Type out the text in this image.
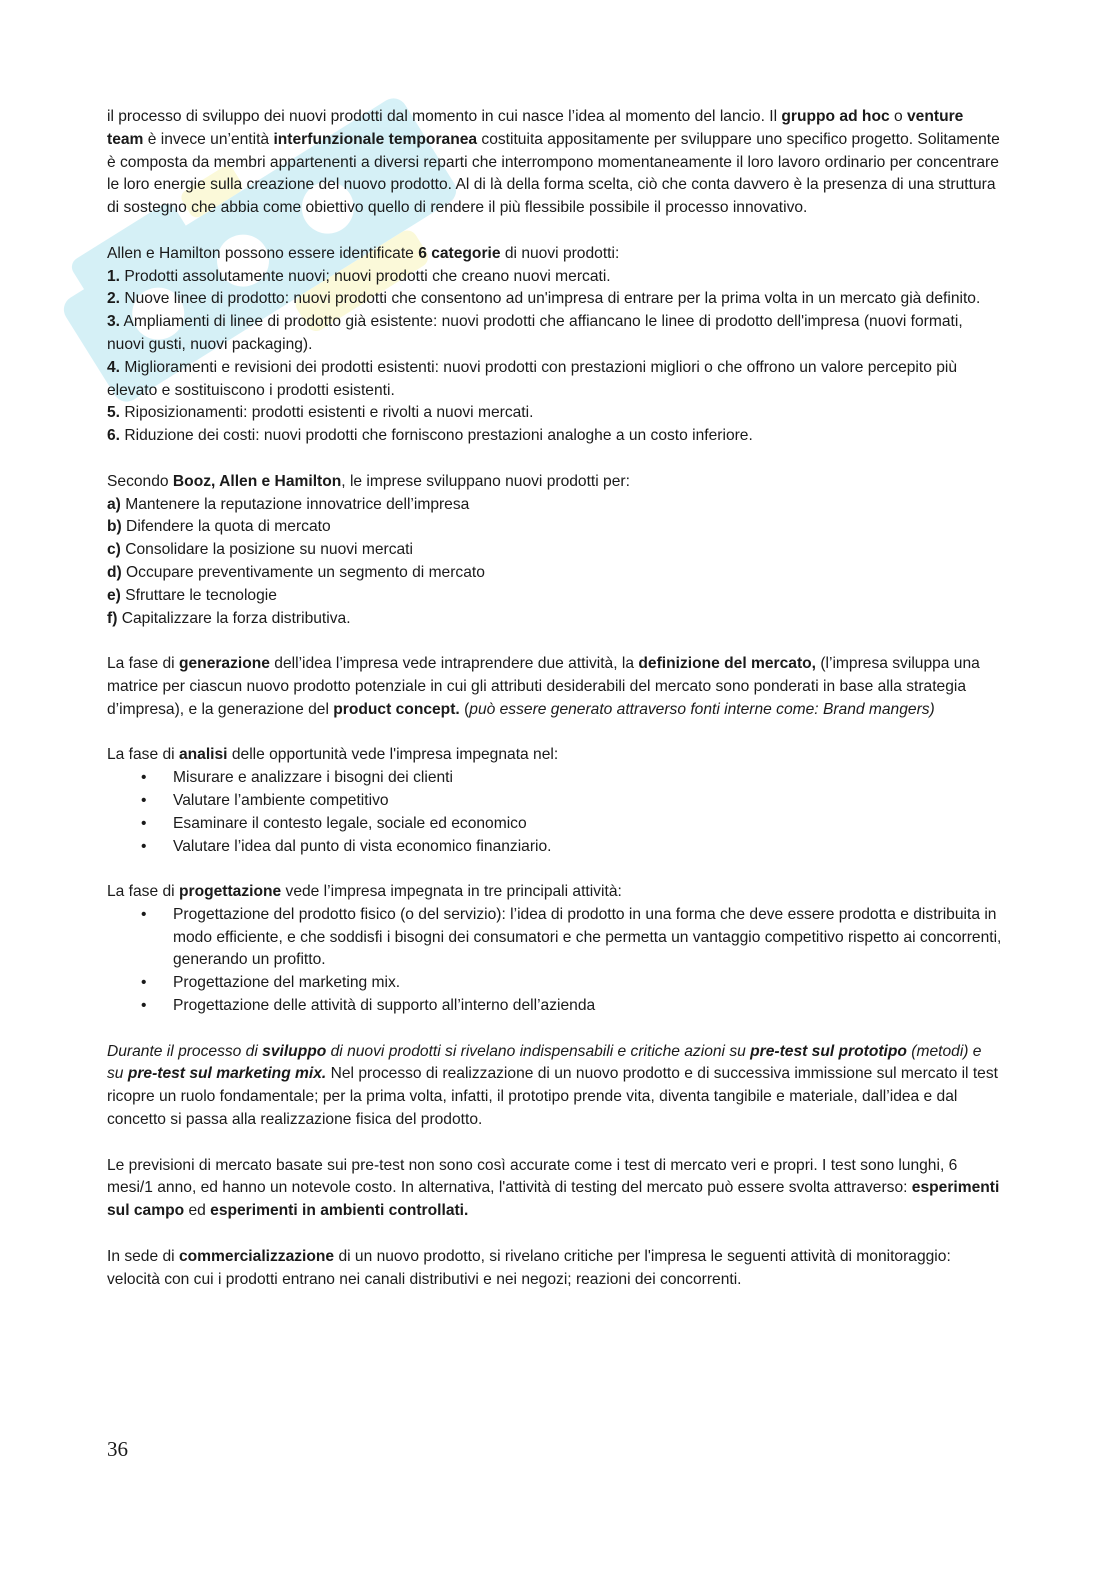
il processo di sviluppo dei nuovi prodotti dal momento in cui nasce l’idea al momento del lancio. Il gruppo ad hoc o venture team è invece un’entità interfunzionale temporanea costituita appositamente per sviluppare uno specifico progetto. Solitamente è composta da membri appartenenti a diversi reparti che interrompono momentaneamente il loro lavoro ordinario per concentrare le loro energie sulla creazione del nuovo prodotto. Al di là della forma scelta, ciò che conta davvero è la presenza di una struttura di sostegno che abbia come obiettivo quello di rendere il più flessibile possibile il processo innovativo.

Allen e Hamilton possono essere identificate 6 categorie di nuovi prodotti:
1. Prodotti assolutamente nuovi; nuovi prodotti che creano nuovi mercati.
2. Nuove linee di prodotto: nuovi prodotti che consentono ad un'impresa di entrare per la prima volta in un mercato già definito.
3. Ampliamenti di linee di prodotto già esistente: nuovi prodotti che affiancano le linee di prodotto dell'impresa (nuovi formati, nuovi gusti, nuovi packaging).
4. Miglioramenti e revisioni dei prodotti esistenti: nuovi prodotti con prestazioni migliori o che offrono un valore percepito più elevato e sostituiscono i prodotti esistenti.
5. Riposizionamenti: prodotti esistenti e rivolti a nuovi mercati.
6. Riduzione dei costi: nuovi prodotti che forniscono prestazioni analoghe a un costo inferiore.

Secondo Booz, Allen e Hamilton, le imprese sviluppano nuovi prodotti per:
a) Mantenere la reputazione innovatrice dell’impresa
b) Difendere la quota di mercato
c) Consolidare la posizione su nuovi mercati
d) Occupare preventivamente un segmento di mercato
e) Sfruttare le tecnologie
f) Capitalizzare la forza distributiva.

La fase di generazione dell’idea l’impresa vede intraprendere due attività, la definizione del mercato, (l’impresa sviluppa una matrice per ciascun nuovo prodotto potenziale in cui gli attributi desiderabili del mercato sono ponderati in base alla strategia d’impresa), e la generazione del product concept. (può essere generato attraverso fonti interne come: Brand mangers)

La fase di analisi delle opportunità vede l'impresa impegnata nel:
• Misurare e analizzare i bisogni dei clienti
• Valutare l’ambiente competitivo
• Esaminare il contesto legale, sociale ed economico
• Valutare l’idea dal punto di vista economico finanziario.
La fase di progettazione vede l’impresa impegnata in tre principali attività:
• Progettazione del prodotto fisico (o del servizio): l’idea di prodotto in una forma che deve essere prodotta e distribuita in modo efficiente, e che soddisfi i bisogni dei consumatori e che permetta un vantaggio competitivo rispetto ai concorrenti, generando un profitto.
• Progettazione del marketing mix.
• Progettazione delle attività di supporto all’interno dell’azienda

Durante il processo di sviluppo di nuovi prodotti si rivelano indispensabili e critiche azioni su pre-test sul prototipo (metodi) e su pre-test sul marketing mix. Nel processo di realizzazione di un nuovo prodotto e di successiva immissione sul mercato il test ricopre un ruolo fondamentale; per la prima volta, infatti, il prototipo prende vita, diventa tangibile e materiale, dall’idea e dal concetto si passa alla realizzazione fisica del prodotto.

Le previsioni di mercato basate sui pre-test non sono così accurate come i test di mercato veri e propri. I test sono lunghi, 6 mesi/1 anno, ed hanno un notevole costo. In alternativa, l'attività di testing del mercato può essere svolta attraverso: esperimenti sul campo ed esperimenti in ambienti controllati.

In sede di commercializzazione di un nuovo prodotto, si rivelano critiche per l'impresa le seguenti attività di monitoraggio: velocità con cui i prodotti entrano nei canali distributivi e nei negozi; reazioni dei concorrenti.

36
